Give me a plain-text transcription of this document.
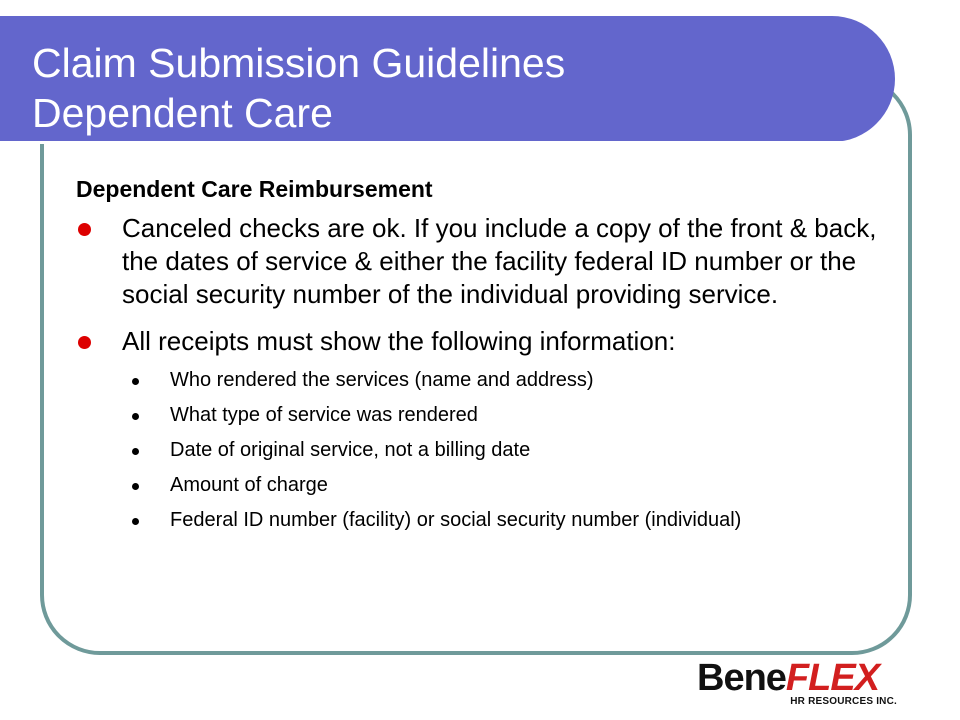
Claim Submission Guidelines
Dependent Care
Dependent Care Reimbursement
Canceled checks are ok. If you include a copy of the front & back, the dates of service & either the facility federal ID number or the social security number of the individual providing service.
All receipts must show the following information:
Who rendered the services (name and address)
What type of service was rendered
Date of original service, not a billing date
Amount of charge
Federal ID number (facility) or social security number (individual)
BeneFLEX
HR RESOURCES INC.
